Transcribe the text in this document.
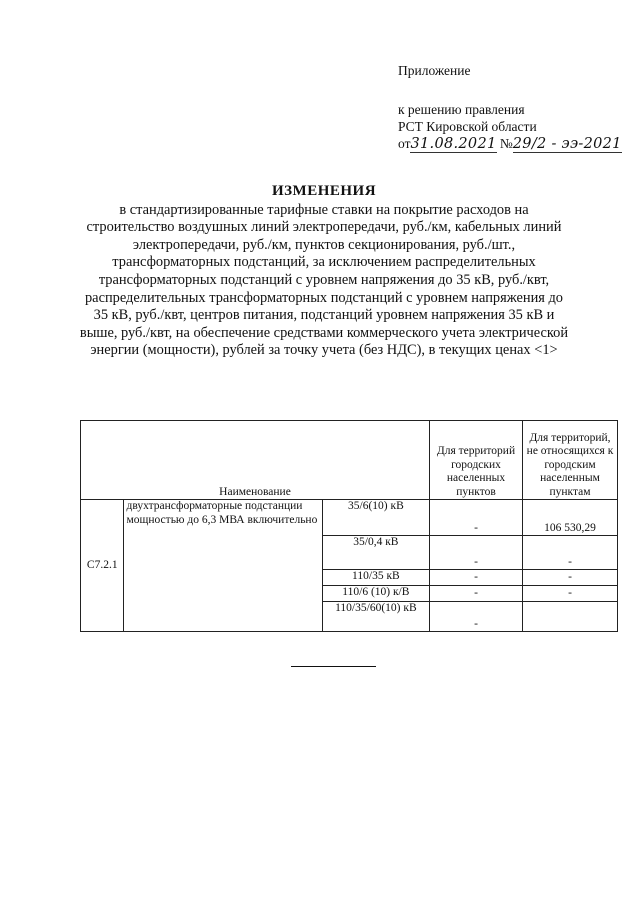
Приложение
к решению правления
РСТ Кировской области
от31.08.2021 №29/2 - ээ-2021
ИЗМЕНЕНИЯ
в стандартизированные тарифные ставки на покрытие расходов на строительство воздушных линий электропередачи, руб./км, кабельных линий электропередачи, руб./км, пунктов секционирования, руб./шт., трансформаторных подстанций, за исключением распределительных трансформаторных подстанций с уровнем напряжения до 35 кВ, руб./квт, распределительных трансформаторных подстанций с уровнем напряжения до 35 кВ, руб./квт, центров питания, подстанций уровнем напряжения 35 кВ и выше, руб./квт, на обеспечение средствами коммерческого учета электрической энергии (мощности), рублей за точку учета (без НДС), в текущих ценах <1>
Наименование			Для территорий городских населенных пунктов	Для территорий, не относящихся к городским населенным пунктам
С7.2.1	двухтрансформаторные подстанции мощностью до 6,3 МВА включительно	35/6(10) кВ	-	106 530,29
		35/0,4 кВ	-	-
		110/35 кВ	-	-
		110/6 (10) к/В	-	-
		110/35/60(10) кВ	-	
